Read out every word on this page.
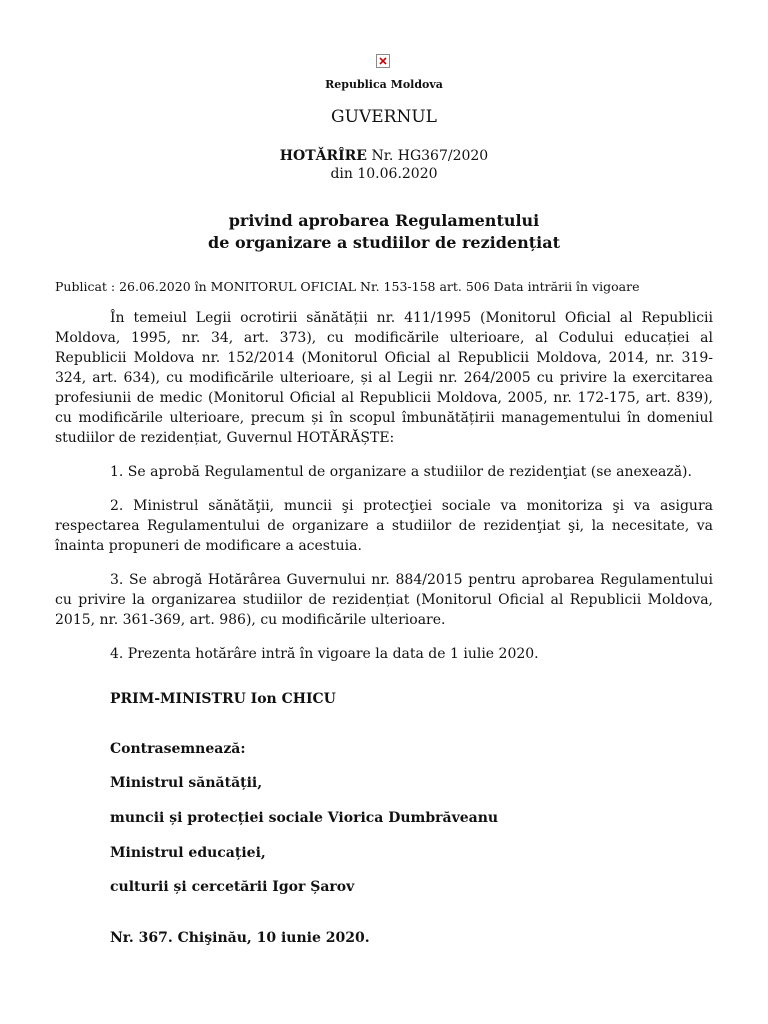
Republica Moldova
GUVERNUL
HOTĂRÎRE Nr. HG367/2020
din 10.06.2020
privind aprobarea Regulamentului
de organizare a studiilor de rezidențiat
Publicat : 26.06.2020 în MONITORUL OFICIAL Nr. 153-158 art. 506 Data intrării în vigoare

În temeiul Legii ocrotirii sănătății nr. 411/1995 (Monitorul Oficial al Republicii Moldova, 1995, nr. 34, art. 373), cu modificările ulterioare, al Codului educației al Republicii Moldova nr. 152/2014 (Monitorul Oficial al Republicii Moldova, 2014, nr. 319-324, art. 634), cu modificările ulterioare, și al Legii nr. 264/2005 cu privire la exercitarea profesiunii de medic (Monitorul Oficial al Republicii Moldova, 2005, nr. 172-175, art. 839), cu modificările ulterioare, precum și în scopul îmbunătățirii managementului în domeniul studiilor de rezidențiat, Guvernul HOTĂRĂȘTE:

1. Se aprobă Regulamentul de organizare a studiilor de rezidenţiat (se anexează).

2. Ministrul sănătăţii, muncii şi protecţiei sociale va monitoriza şi va asigura respectarea Regulamentului de organizare a studiilor de rezidenţiat şi, la necesitate, va înainta propuneri de modificare a acestuia.

3. Se abrogă Hotărârea Guvernului nr. 884/2015 pentru aprobarea Regulamentului cu privire la organizarea studiilor de rezidențiat (Monitorul Oficial al Republicii Moldova, 2015, nr. 361-369, art. 986), cu modificările ulterioare.

4. Prezenta hotărâre intră în vigoare la data de 1 iulie 2020.

PRIM-MINISTRU Ion CHICU
Contrasemnează:
Ministrul sănătății,
muncii și protecției sociale Viorica Dumbrăveanu
Ministrul educației,
culturii și cercetării Igor Șarov
Nr. 367. Chişinău, 10 iunie 2020.
